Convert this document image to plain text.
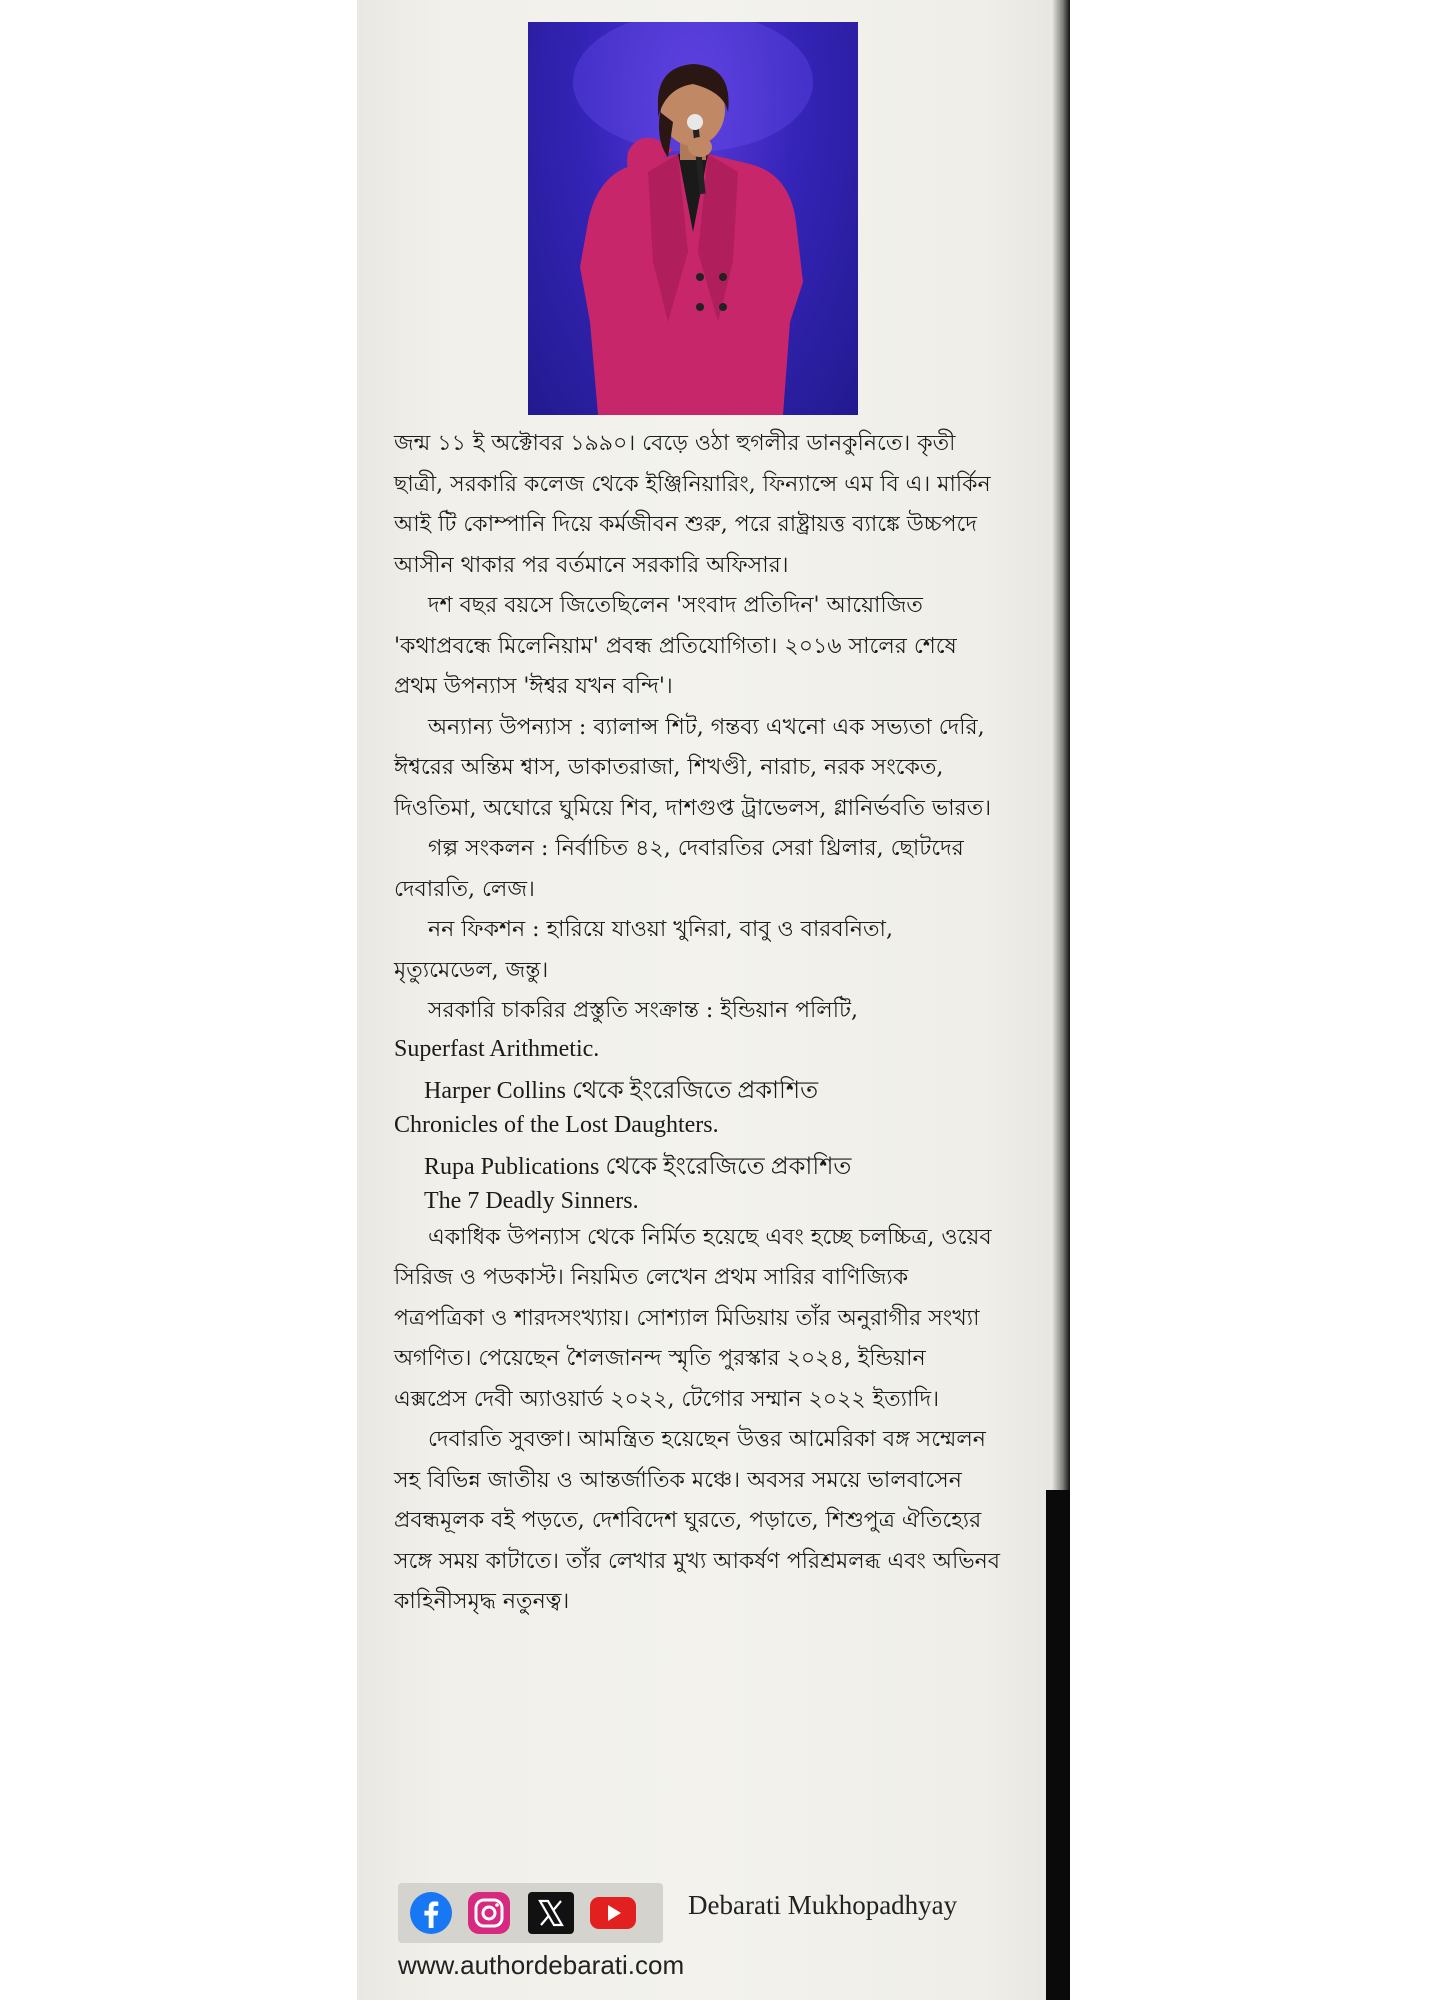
জন্ম ১১ ই অক্টোবর ১৯৯০। বেড়ে ওঠা হুগলীর ডানকুনিতে। কৃতী ছাত্রী, সরকারি কলেজ থেকে ইঞ্জিনিয়ারিং, ফিন্যান্সে এম বি এ। মার্কিন আই টি কোম্পানি দিয়ে কর্মজীবন শুরু, পরে রাষ্ট্রায়ত্ত ব্যাঙ্কে উচ্চপদে আসীন থাকার পর বর্তমানে সরকারি অফিসার।

দশ বছর বয়সে জিতেছিলেন 'সংবাদ প্রতিদিন' আয়োজিত 'কথাপ্রবন্ধে মিলেনিয়াম' প্রবন্ধ প্রতিযোগিতা। ২০১৬ সালের শেষে প্রথম উপন্যাস 'ঈশ্বর যখন বন্দি'।

অন্যান্য উপন্যাস : ব্যালান্স শিট, গন্তব্য এখনো এক সভ্যতা দেরি, ঈশ্বরের অন্তিম শ্বাস, ডাকাতরাজা, শিখণ্ডী, নারাচ, নরক সংকেত, দিওতিমা, অঘোরে ঘুমিয়ে শিব, দাশগুপ্ত ট্রাভেলস, গ্লানির্ভবতি ভারত।

গল্প সংকলন : নির্বাচিত ৪২, দেবারতির সেরা থ্রিলার, ছোটদের দেবারতি, লেজ।

নন ফিকশন : হারিয়ে যাওয়া খুনিরা, বাবু ও বারবনিতা, মৃত্যুমেডেল, জন্তু।

সরকারি চাকরির প্রস্তুতি সংক্রান্ত : ইন্ডিয়ান পলিটি,

Superfast Arithmetic.

Harper Collins থেকে ইংরেজিতে প্রকাশিত

Chronicles of the Lost Daughters.

Rupa Publications থেকে ইংরেজিতে প্রকাশিত

The 7 Deadly Sinners.

একাধিক উপন্যাস থেকে নির্মিত হয়েছে এবং হচ্ছে চলচ্চিত্র, ওয়েব সিরিজ ও পডকাস্ট। নিয়মিত লেখেন প্রথম সারির বাণিজ্যিক পত্রপত্রিকা ও শারদসংখ্যায়। সোশ্যাল মিডিয়ায় তাঁর অনুরাগীর সংখ্যা অগণিত। পেয়েছেন শৈলজানন্দ স্মৃতি পুরস্কার ২০২৪, ইন্ডিয়ান এক্সপ্রেস দেবী অ্যাওয়ার্ড ২০২২, টেগোর সম্মান ২০২২ ইত্যাদি।

দেবারতি সুবক্তা। আমন্ত্রিত হয়েছেন উত্তর আমেরিকা বঙ্গ সম্মেলন সহ বিভিন্ন জাতীয় ও আন্তর্জাতিক মঞ্চে। অবসর সময়ে ভালবাসেন প্রবন্ধমূলক বই পড়তে, দেশবিদেশ ঘুরতে, পড়াতে, শিশুপুত্র ঐতিহ্যের সঙ্গে সময় কাটাতে। তাঁর লেখার মুখ্য আকর্ষণ পরিশ্রমলব্ধ এবং অভিনব কাহিনীসমৃদ্ধ নতুনত্ব।

Debarati Mukhopadhyay
www.authordebarati.com
